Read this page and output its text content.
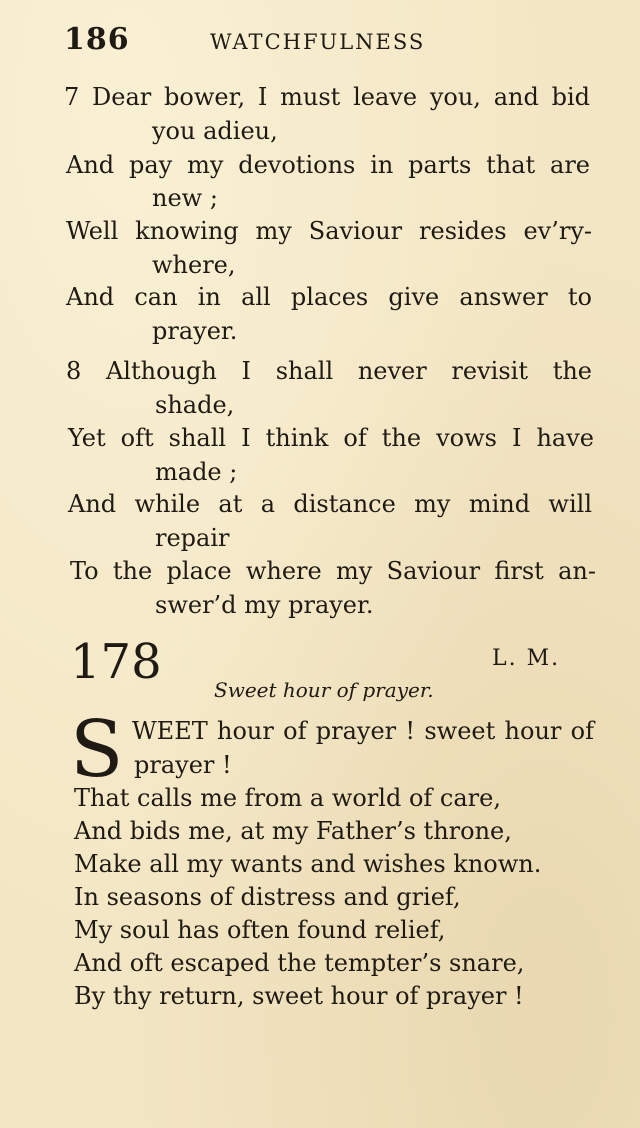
186	WATCHFULNESS
7 Dear bower, I must leave you, and bid
you adieu,
And pay my devotions in parts that are
new ;
Well knowing my Saviour resides ev’ry-
where,
And can in all places give answer to
prayer.
8 Although I shall never revisit the
shade,
Yet oft shall I think of the vows I have
made ;
And while at a distance my mind will
repair
To the place where my Saviour first an-
swer’d my prayer.
178	L. M.
Sweet hour of prayer.
S WEET hour of prayer ! sweet hour of
prayer !
That calls me from a world of care,
And bids me, at my Father’s throne,
Make all my wants and wishes known.
In seasons of distress and grief,
My soul has often found relief,
And oft escaped the tempter’s snare,
By thy return, sweet hour of prayer !
